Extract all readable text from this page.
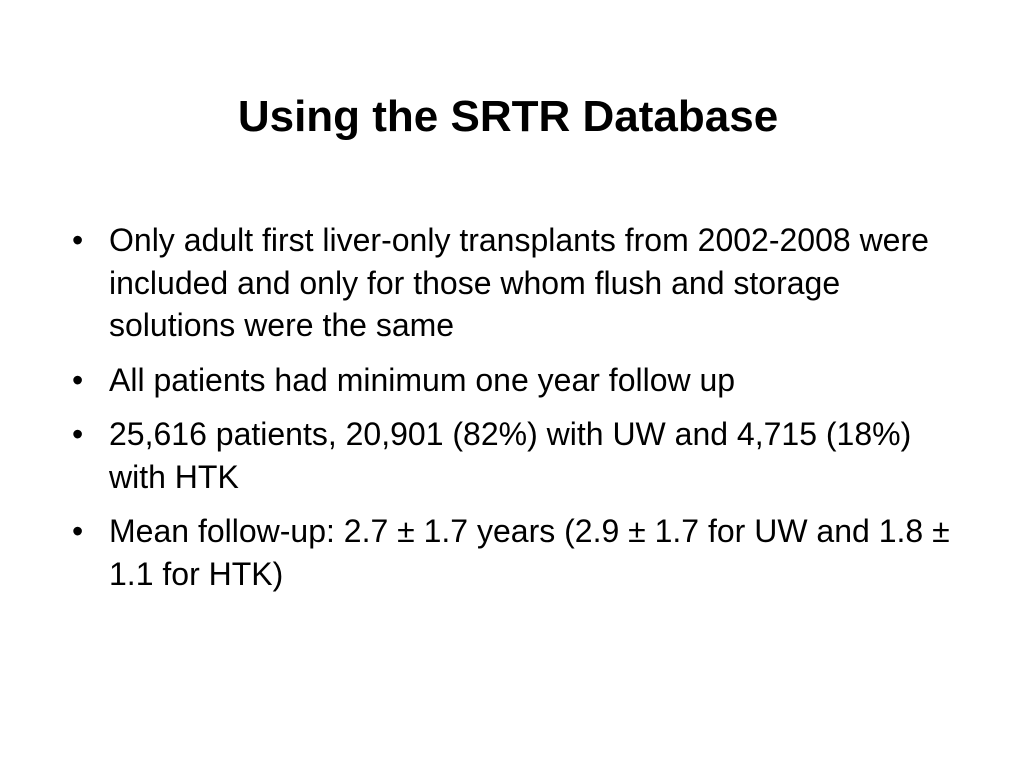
Using the SRTR Database
• Only adult first liver-only transplants from 2002-2008 were included and only for those whom flush and storage solutions were the same
• All patients had minimum one year follow up
• 25,616 patients, 20,901 (82%) with UW and 4,715 (18%) with HTK
• Mean follow-up: 2.7 ± 1.7 years (2.9 ± 1.7 for UW and 1.8 ± 1.1 for HTK)
